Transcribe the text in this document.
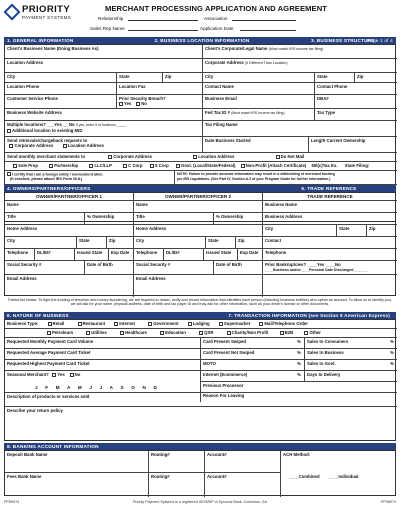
PRIORITY
PAYMENT SYSTEMS
MERCHANT PROCESSING APPLICATION AND AGREEMENT
Relationship	Association
Sales Rep Name	Application Date
1. GENERAL INFORMATION	2. BUSINESS LOCATION INFORMATION	3. BUSINESS STRUCTURE
Page 1 of 4
Client's Business Name (Doing Business As)	Client's Corporate/Legal Name (Must match IRS income tax filing)
Location Address	Corporate Address (If Different Than Location)
City	State	Zip	City	State	Zip
Location Phone	Location Fax	Contact Name	Contact Phone
Customer Service Phone	Prior Security Breach?
Yes No
Business Email	DBA#
Business Website Address	Fed Tax ID # (Must match IRS income tax filing)	Tax Type
Multiple locations? ___Yes___No If yes, enter # of locations _____
Additional location to existing MID
Tax Filing Name
Send retrievals/chargeback requests to
Corporate Address	Location Address
Date Business Started	Length Current Ownership
Send monthly merchant statements to	Corporate Address	Location Address	Do Not Mail
Sole Prop	Partnership	LLC/LLP	C Corp	S Corp	Govt. (Local/State/Federal) Non-Profit (Attach Certificate) 50l(c)Tax Ex. State Filing:
I certify that I am a foreign entity / nonresident alien.
(If checked, please attach IRS Form W-8.)
NOTE: Failure to provide accurate information may result in a withholding of merchant funding
per IRS regulations. (See Part IV, Section A.2 of your Program Guide for further information.)
4. OWNERS/PARTNERS/OFFICERS	5. TRADE REFERENCE
OWNER/PARTNER/OFFICER 1	OWNER/PARTNER/OFFICER 2	TRADE REFERENCE
Name
Title	% Ownership
Home Address
City	State	Zip
Telephone	DL/ID#	Issued State	Exp Date
Social Security #	Date of Birth
Email Address
Name
Title	% Ownership
Home Address
City	State	Zip
Telephone	DL/ID#	Issued State	Exp Date
Social Security #	Date of Birth
Email Address
Business Name
Business Address
City	State	Zip
Contact
Telephone
Prior Bankruptcies? ____Yes ____No
____Business and/or____Personal Date Discharged_______
Patriot Act Notice: To fight the funding of terrorism and money laundering, we are required to obtain, verify and record information that identifies each person (including business entities) who opens an account. To allow us to identify you, we will ask for your name, physical address, date of birth and tax payer ID and may ask for other information, such as your driver's license or other documents.
6. NATURE OF BUSINESS	7. TRANSACTION INFORMATION (see Section 9 American Express)
Business Type:	Retail	Restaurant	Internet	Government	Lodging	Supermarket	Mail/Telephone Order
Petroleum	Utilities	Healthcare	Education	QSR	Charity/Non Profit	B2B	Other
Requested Monthly Payment Card Volume
Requested Average Payment Card Ticket
Requested Highest Payment Card Ticket
Seasonal Merchant? Yes No
J F M A M J J A S O N D
Description of products or services sold
Describe your return policy
Card Present Swiped	%
Card Present Not Swiped	%
MOTO	%
Internet (Ecommerce)	%
Sales to Consumers	%
Sales to Business	%
Sales to Govt.	%
Days to Delivery
Previous Processor
Reason For Leaving
8. BANKING ACCOUNT INFORMATION
Deposit Bank Name	Routing#	Account#	ACH Method:
Fees Bank Name	Routing#	Account#	____Combined ____Individual
PPS8574	Priority Payment Systems is a registered ISO/MSP of Synovus Bank, Columbus, GA	PPS8574
